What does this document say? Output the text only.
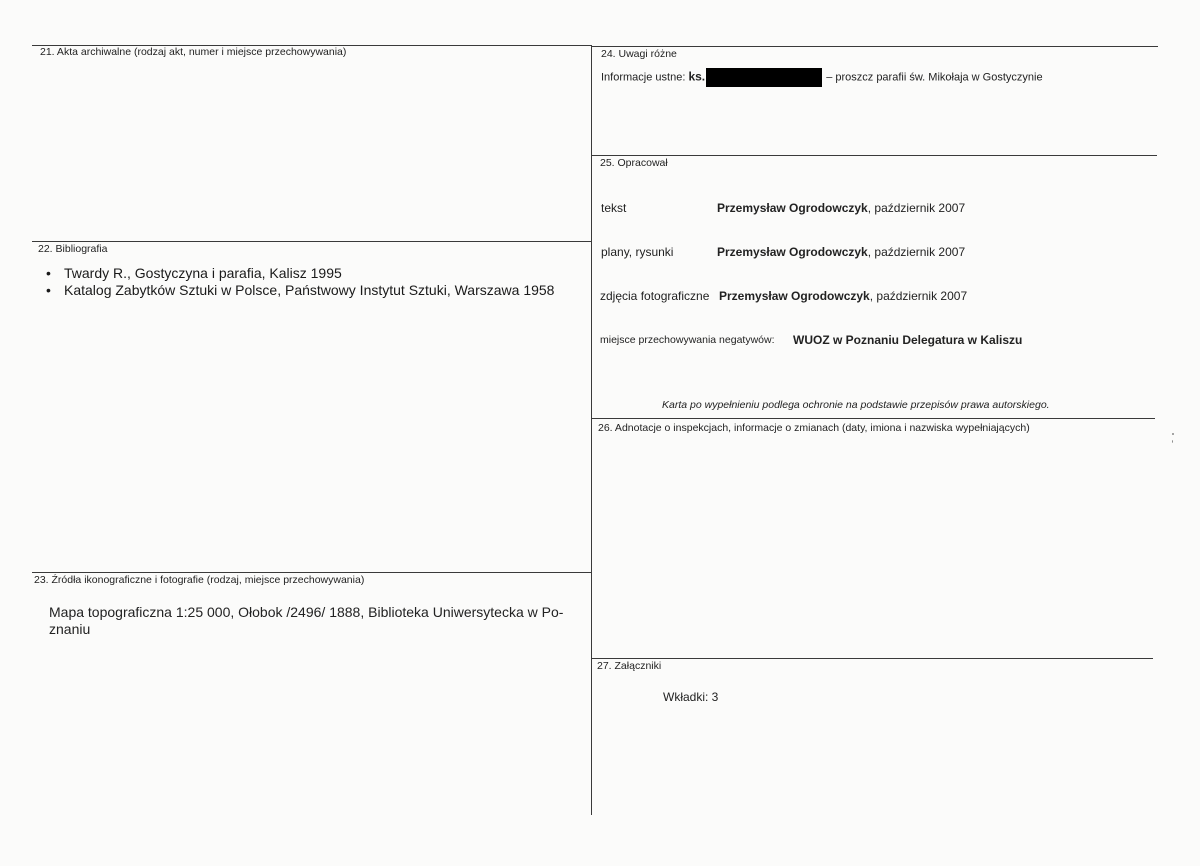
21. Akta archiwalne (rodzaj akt, numer i miejsce przechowywania)
22. Bibliografia
• Twardy R., Gostyczyna i parafia, Kalisz 1995
• Katalog Zabytków Sztuki w Polsce, Państwowy Instytut Sztuki, Warszawa 1958
23. Źródła ikonograficzne i fotografie (rodzaj, miejsce przechowywania)
Mapa topograficzna 1:25 000, Ołobok /2496/ 1888, Biblioteka Uniwersytecka w Po-
znaniu
24. Uwagi różne
Informacje ustne: ks.	– proszcz parafii św. Mikołaja w Gostyczynie
25. Opracował
tekst	Przemysław Ogrodowczyk, październik 2007
plany, rysunki	Przemysław Ogrodowczyk, październik 2007
zdjęcia fotograficzne Przemysław Ogrodowczyk, październik 2007
miejsce przechowywania negatywów: WUOZ w Poznaniu Delegatura w Kaliszu
Karta po wypełnieniu podlega ochronie na podstawie przepisów prawa autorskiego.
26. Adnotacje o inspekcjach, informacje o zmianach (daty, imiona i nazwiska wypełniających)
27. Załączniki
Wkładki: 3
